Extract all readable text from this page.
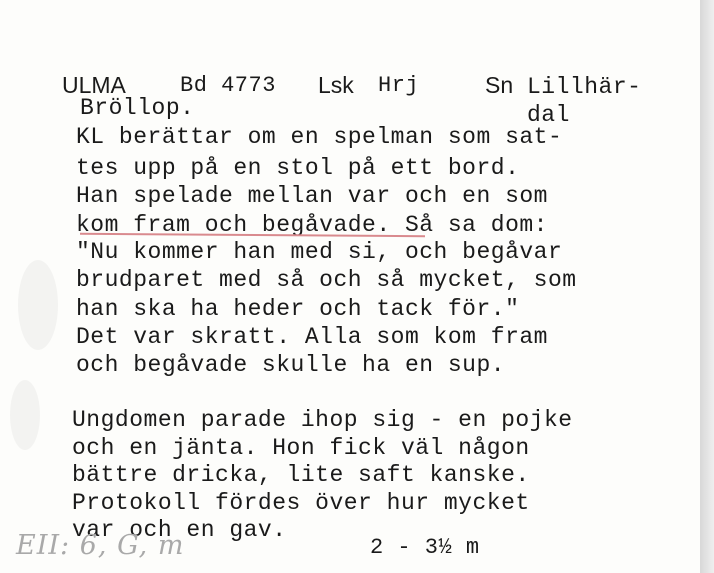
ULMA Bd 4773 Lsk Hrj	Sn Lillhär-
dal
Bröllop.
KL berättar om en spelman som sat-
tes upp på en stol på ett bord.
Han spelade mellan var och en som
kom fram och begåvade. Så sa dom:
"Nu kommer han med si, och begåvar
brudparet med så och så mycket, som
han ska ha heder och tack för."
Det var skratt. Alla som kom fram
och begåvade skulle ha en sup.
Ungdomen parade ihop sig - en pojke
och en jänta. Hon fick väl någon
bättre dricka, lite saft kanske.
Protokoll fördes över hur mycket
var och en gav.
2 - 3½ m
EII: 6, G, m
